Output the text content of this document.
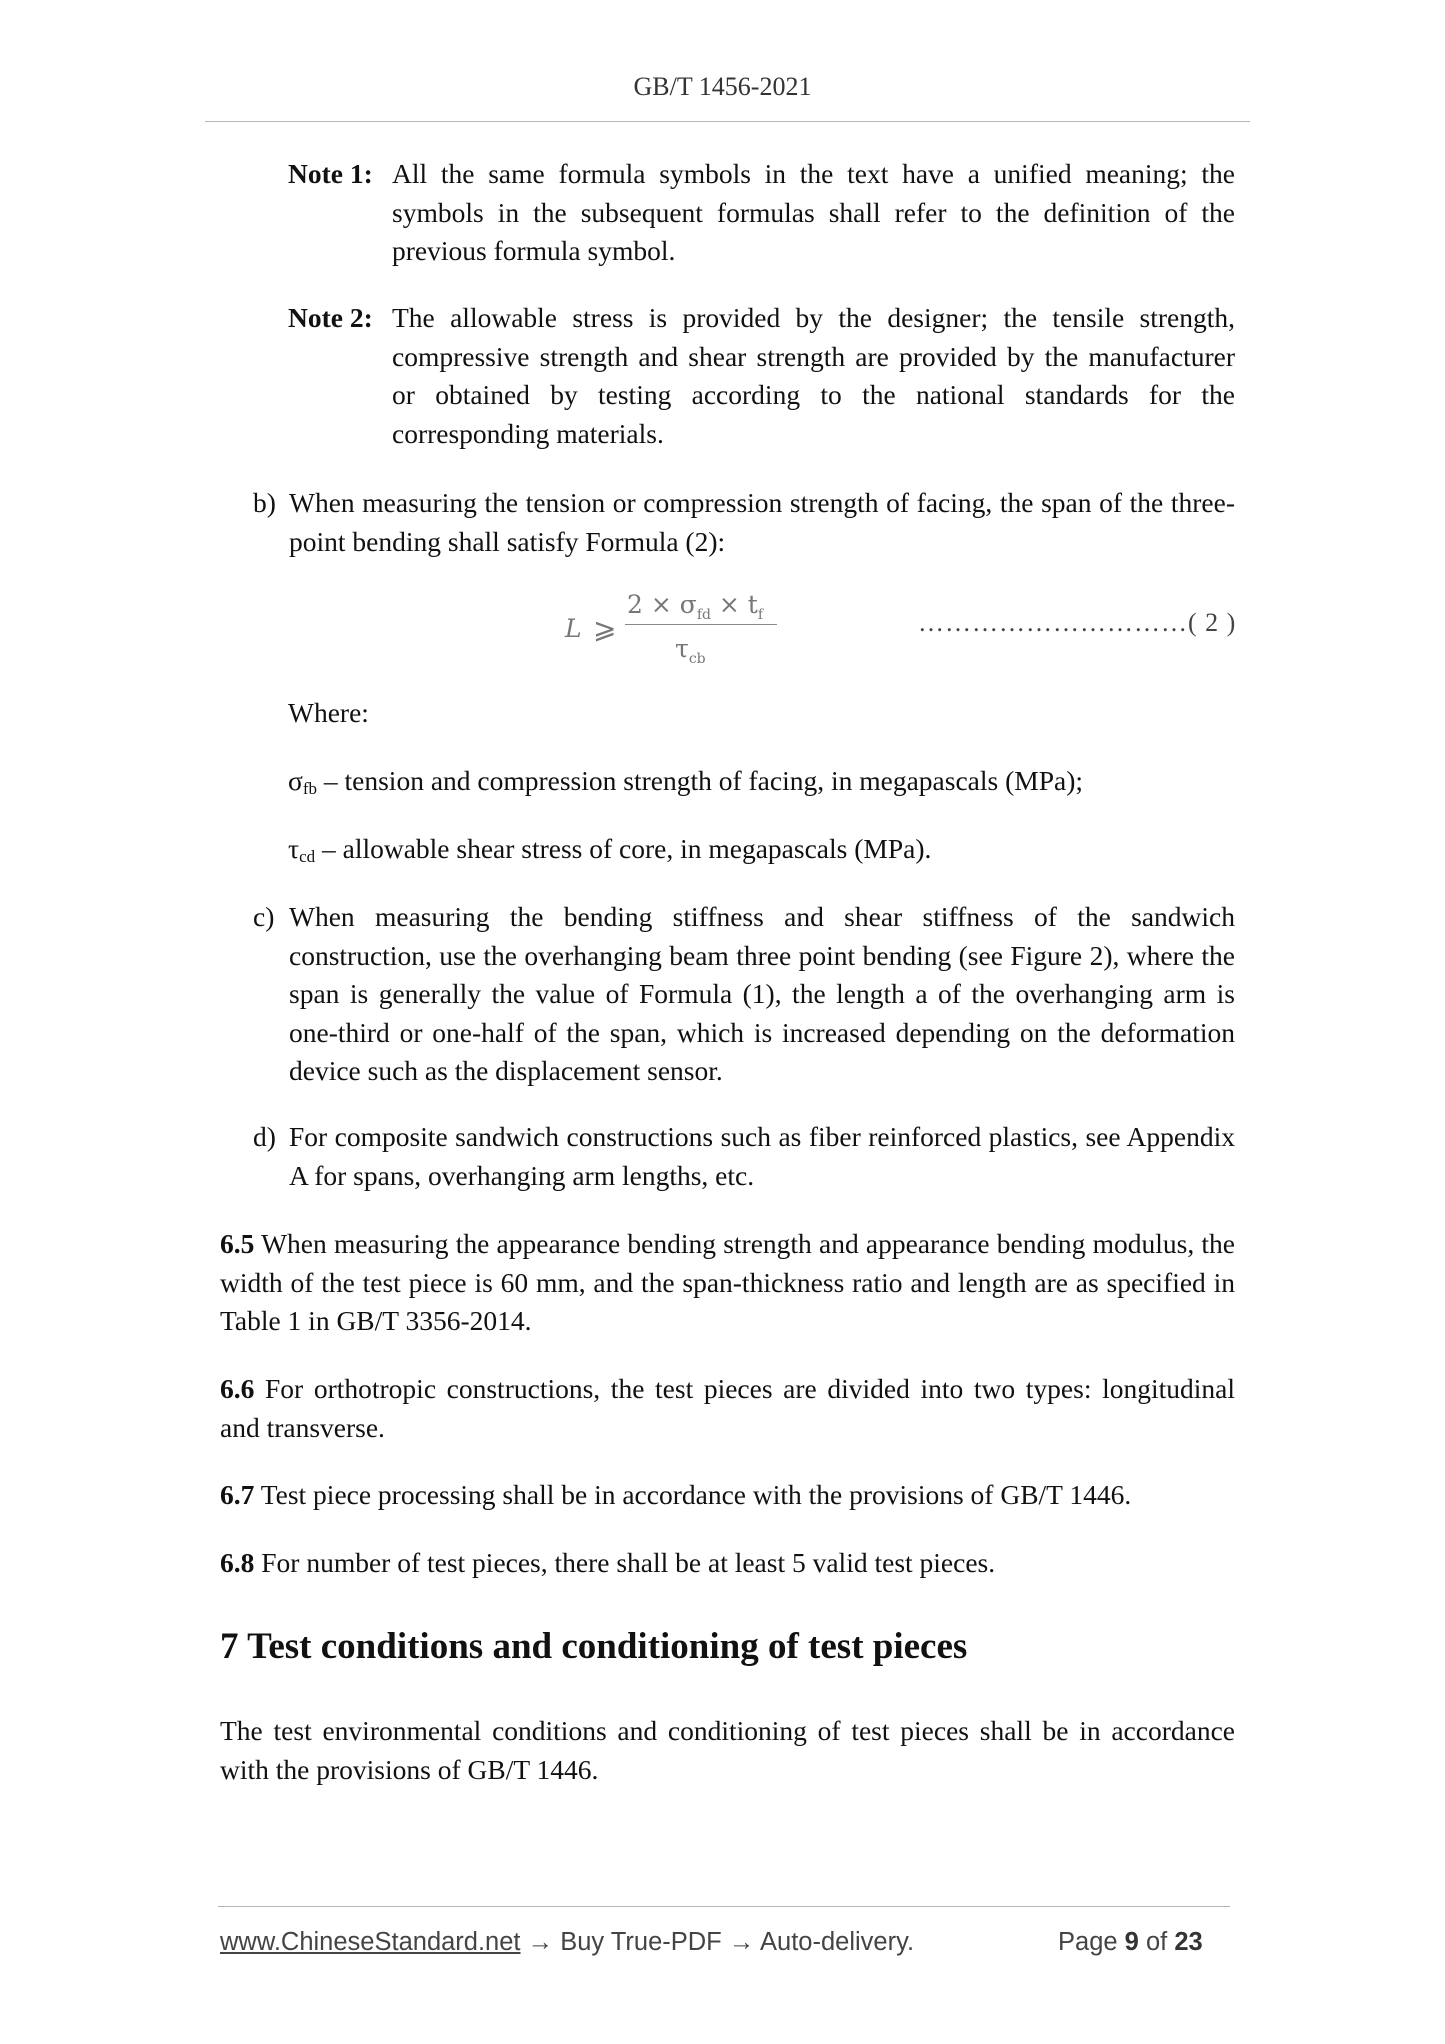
GB/T 1456-2021
Note 1: All the same formula symbols in the text have a unified meaning; the symbols in the subsequent formulas shall refer to the definition of the previous formula symbol.
Note 2: The allowable stress is provided by the designer; the tensile strength, compressive strength and shear strength are provided by the manufacturer or obtained by testing according to the national standards for the corresponding materials.
b) When measuring the tension or compression strength of facing, the span of the three-point bending shall satisfy Formula (2):
L ⩾
$2 \times \sigma_{fd} \times t_f$
$\tau_{cb}$
…………………………( 2 )
Where:
$\sigma_{fb}$ – tension and compression strength of facing, in megapascals (MPa);
$\tau_{cd}$ – allowable shear stress of core, in megapascals (MPa).
c) When measuring the bending stiffness and shear stiffness of the sandwich construction, use the overhanging beam three point bending (see Figure 2), where the span is generally the value of Formula (1), the length a of the overhanging arm is one-third or one-half of the span, which is increased depending on the deformation device such as the displacement sensor.
d) For composite sandwich constructions such as fiber reinforced plastics, see Appendix A for spans, overhanging arm lengths, etc.
6.5 When measuring the appearance bending strength and appearance bending modulus, the width of the test piece is 60 mm, and the span-thickness ratio and length are as specified in Table 1 in GB/T 3356-2014.
6.6 For orthotropic constructions, the test pieces are divided into two types: longitudinal and transverse.
6.7 Test piece processing shall be in accordance with the provisions of GB/T 1446.
6.8 For number of test pieces, there shall be at least 5 valid test pieces.
7 Test conditions and conditioning of test pieces
The test environmental conditions and conditioning of test pieces shall be in accordance with the provisions of GB/T 1446.
www.ChineseStandard.net → Buy True-PDF → Auto-delivery.	Page 9 of 23
